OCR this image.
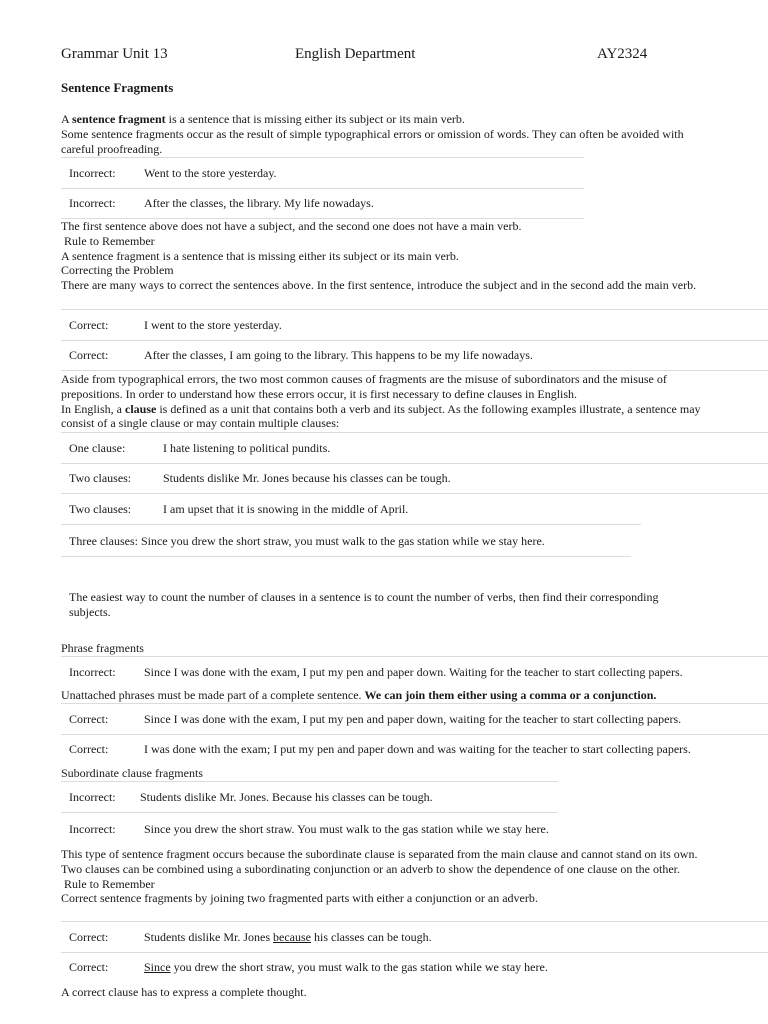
Grammar Unit 13	English Department	AY2324
Sentence Fragments
A sentence fragment is a sentence that is missing either its subject or its main verb.
Some sentence fragments occur as the result of simple typographical errors or omission of words. They can often be avoided with careful proofreading.
Incorrect: Went to the store yesterday.
Incorrect: After the classes, the library. My life nowadays.
The first sentence above does not have a subject, and the second one does not have a main verb.
Rule to Remember
A sentence fragment is a sentence that is missing either its subject or its main verb.
Correcting the Problem
There are many ways to correct the sentences above. In the first sentence, introduce the subject and in the second add the main verb.
Correct:	I went to the store yesterday.
Correct:	After the classes, I am going to the library. This happens to be my life nowadays.
Aside from typographical errors, the two most common causes of fragments are the misuse of subordinators and the misuse of prepositions. In order to understand how these errors occur, it is first necessary to define clauses in English.
In English, a clause is defined as a unit that contains both a verb and its subject. As the following examples illustrate, a sentence may consist of a single clause or may contain multiple clauses:
One clause:	I hate listening to political pundits.
Two clauses:	Students dislike Mr. Jones because his classes can be tough.
Two clauses:	I am upset that it is snowing in the middle of April.
Three clauses: Since you drew the short straw, you must walk to the gas station while we stay here.
The easiest way to count the number of clauses in a sentence is to count the number of verbs, then find their corresponding subjects.
Phrase fragments
Incorrect: Since I was done with the exam, I put my pen and paper down. Waiting for the teacher to start collecting papers.
Unattached phrases must be made part of a complete sentence. We can join them either using a comma or a conjunction.
Correct:	Since I was done with the exam, I put my pen and paper down, waiting for the teacher to start collecting papers.
Correct:	I was done with the exam; I put my pen and paper down and was waiting for the teacher to start collecting papers.
Subordinate clause fragments
Incorrect: Students dislike Mr. Jones. Because his classes can be tough.
Incorrect: Since you drew the short straw. You must walk to the gas station while we stay here.
This type of sentence fragment occurs because the subordinate clause is separated from the main clause and cannot stand on its own. Two clauses can be combined using a subordinating conjunction or an adverb to show the dependence of one clause on the other.
Rule to Remember
Correct sentence fragments by joining two fragmented parts with either a conjunction or an adverb.
Correct:	Students dislike Mr. Jones because his classes can be tough.
Correct:	Since you drew the short straw, you must walk to the gas station while we stay here.
A correct clause has to express a complete thought.
